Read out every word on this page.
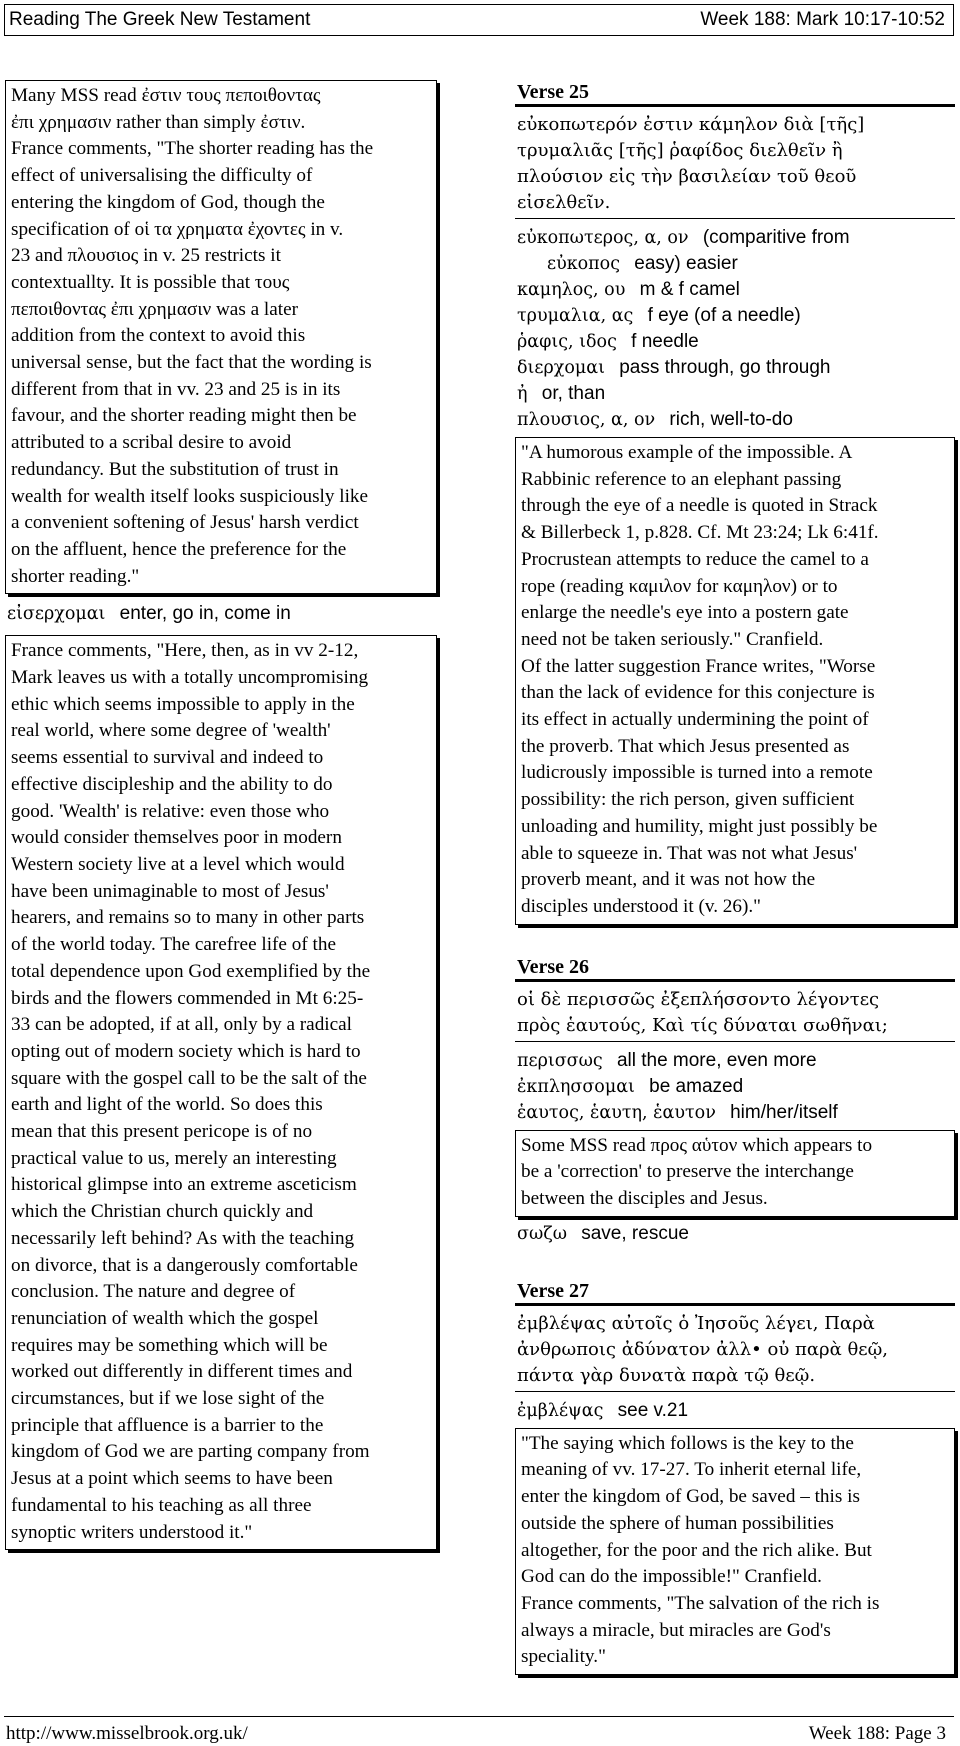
Reading The Greek New Testament	Week 188: Mark 10:17-10:52
Many MSS read ἐστιν τους πεποιθοντας
ἐπι χρημασιν rather than simply ἐστιν.
France comments, "The shorter reading has the
effect of universalising the difficulty of
entering the kingdom of God, though the
specification of οἱ τα χρηματα ἐχοντες in v.
23 and πλουσιος in v. 25 restricts it
contextuallty. It is possible that τους
πεποιθοντας ἐπι χρημασιν was a later
addition from the context to avoid this
universal sense, but the fact that the wording is
different from that in vv. 23 and 25 is in its
favour, and the shorter reading might then be
attributed to a scribal desire to avoid
redundancy. But the substitution of trust in
wealth for wealth itself looks suspiciously like
a convenient softening of Jesus' harsh verdict
on the affluent, hence the preference for the
shorter reading."
εἰσερχομαι enter, go in, come in
France comments, "Here, then, as in vv 2-12,
Mark leaves us with a totally uncompromising
ethic which seems impossible to apply in the
real world, where some degree of 'wealth'
seems essential to survival and indeed to
effective discipleship and the ability to do
good. 'Wealth' is relative: even those who
would consider themselves poor in modern
Western society live at a level which would
have been unimaginable to most of Jesus'
hearers, and remains so to many in other parts
of the world today. The carefree life of the
total dependence upon God exemplified by the
birds and the flowers commended in Mt 6:25-
33 can be adopted, if at all, only by a radical
opting out of modern society which is hard to
square with the gospel call to be the salt of the
earth and light of the world. So does this
mean that this present pericope is of no
practical value to us, merely an interesting
historical glimpse into an extreme asceticism
which the Christian church quickly and
necessarily left behind? As with the teaching
on divorce, that is a dangerously comfortable
conclusion. The nature and degree of
renunciation of wealth which the gospel
requires may be something which will be
worked out differently in different times and
circumstances, but if we lose sight of the
principle that affluence is a barrier to the
kingdom of God we are parting company from
Jesus at a point which seems to have been
fundamental to his teaching as all three
synoptic writers understood it."
Verse 25
εὐκοπωτερόν ἐστιν κάμηλον διὰ [τῆς]
τρυμαλιᾶς [τῆς] ῥαφίδος διελθεῖν ἢ
πλούσιον εἰς τὴν βασιλείαν τοῦ θεοῦ
εἰσελθεῖν.
εὐκοπωτερος, α, ον (comparitive from
εὐκοπος easy) easier
καμηλος, ου m & f camel
τρυμαλια, ας f eye (of a needle)
ῥαφις, ιδος f needle
διερχομαι pass through, go through
ἠ or, than
πλουσιος, α, ον rich, well-to-do
"A humorous example of the impossible. A
Rabbinic reference to an elephant passing
through the eye of a needle is quoted in Strack
& Billerbeck 1, p.828. Cf. Mt 23:24; Lk 6:41f.
Procrustean attempts to reduce the camel to a
rope (reading καμιλον for καμηλον) or to
enlarge the needle's eye into a postern gate
need not be taken seriously." Cranfield.
Of the latter suggestion France writes, "Worse
than the lack of evidence for this conjecture is
its effect in actually undermining the point of
the proverb. That which Jesus presented as
ludicrously impossible is turned into a remote
possibility: the rich person, given sufficient
unloading and humility, might just possibly be
able to squeeze in. That was not what Jesus'
proverb meant, and it was not how the
disciples understood it (v. 26)."
Verse 26
οἱ δὲ περισσῶς ἐξεπλήσσοντο λέγοντες
πρὸς ἑαυτούς, Καὶ τίς δύναται σωθῆναι;
περισσως all the more, even more
ἐκπλησσομαι be amazed
ἑαυτος, ἑαυτη, ἑαυτον him/her/itself
Some MSS read προς αὑτον which appears to
be a 'correction' to preserve the interchange
between the disciples and Jesus.
σωζω save, rescue
Verse 27
ἐμβλέψας αὐτοῖς ὁ Ἰησοῦς λέγει, Παρὰ
ἀνθρωποις ἀδύνατον ἀλλ• οὐ παρὰ θεῷ,
πάντα γὰρ δυνατὰ παρὰ τῷ θεῷ.
ἐμβλέψας see v.21
"The saying which follows is the key to the
meaning of vv. 17-27. To inherit eternal life,
enter the kingdom of God, be saved – this is
outside the sphere of human possibilities
altogether, for the poor and the rich alike. But
God can do the impossible!" Cranfield.
France comments, "The salvation of the rich is
always a miracle, but miracles are God's
speciality."
http://www.misselbrook.org.uk/	Week 188: Page 3
